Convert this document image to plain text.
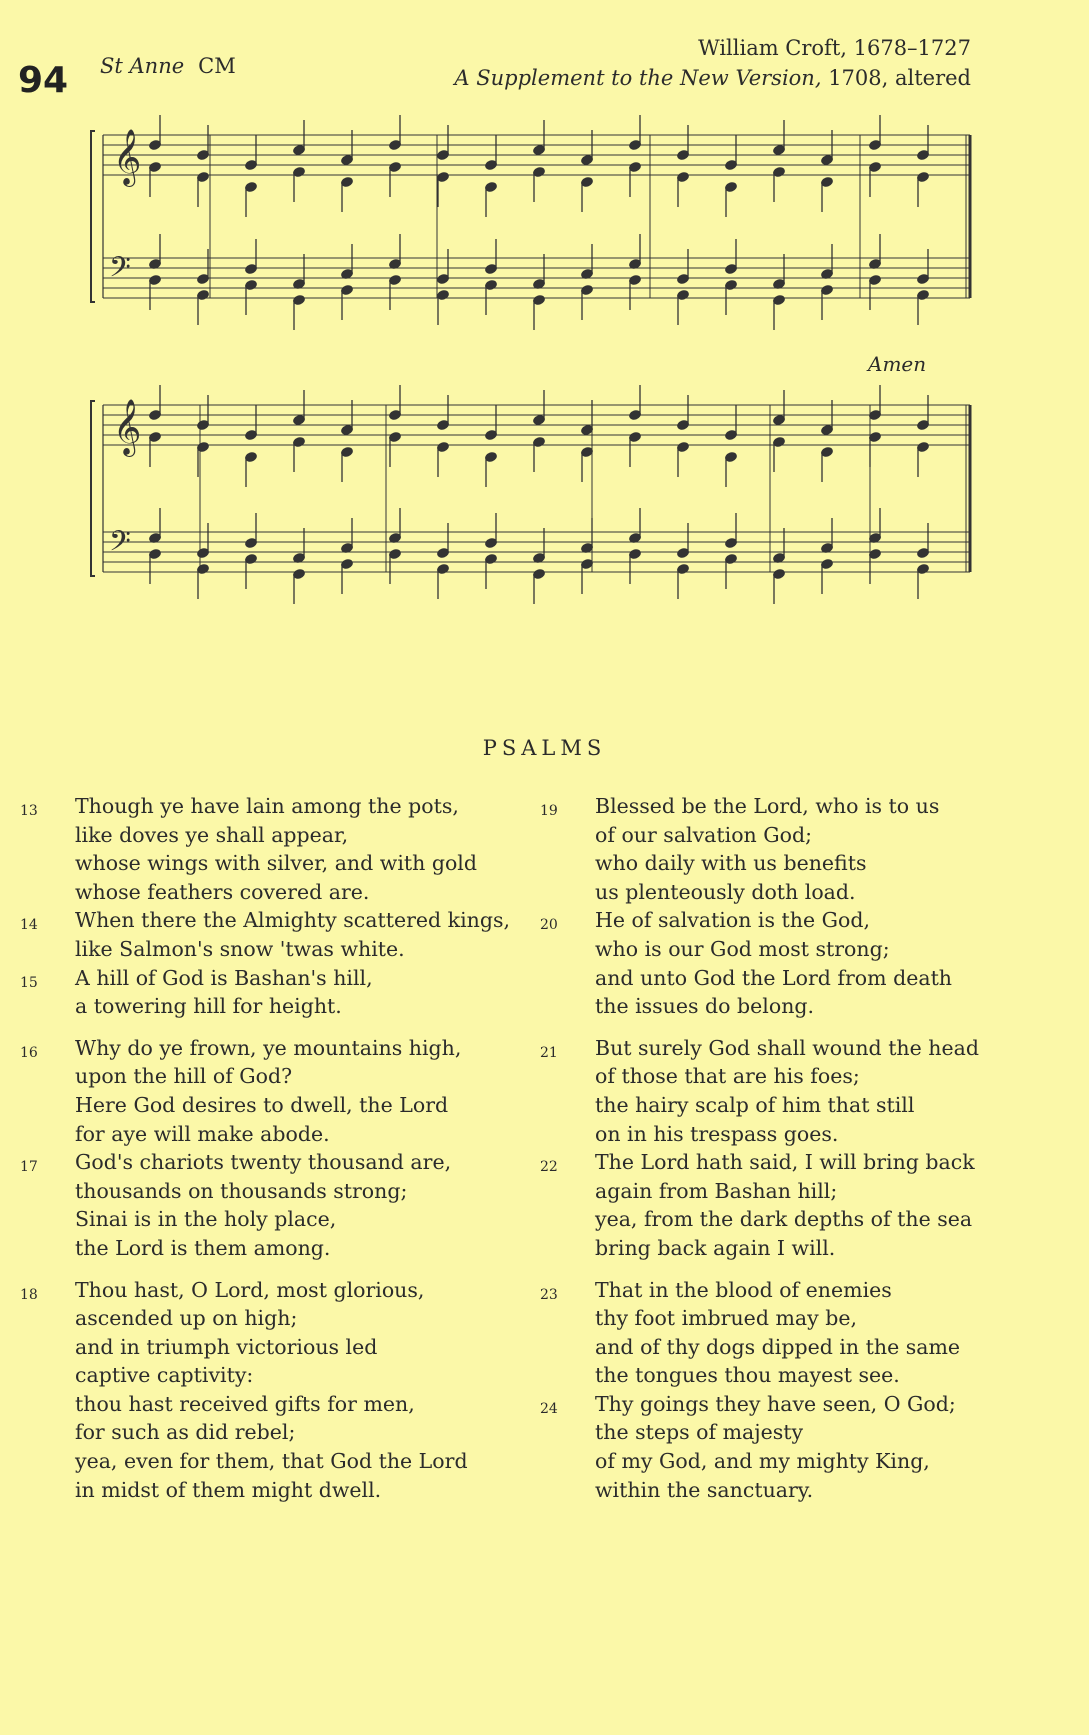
94 St Anne CM
William Croft, 1678–1727
A Supplement to the New Version, 1708, altered
Amen
𝄞
𝄢
𝄞
𝄢
PSALMS
13	Though ye have lain among the pots,
like doves ye shall appear,
whose wings with silver, and with gold
whose feathers covered are.
14	When there the Almighty scattered kings,
like Salmon's snow 'twas white.
15	A hill of God is Bashan's hill,
a towering hill for height.
16	Why do ye frown, ye mountains high,
upon the hill of God?
Here God desires to dwell, the Lord
for aye will make abode.
17	God's chariots twenty thousand are,
thousands on thousands strong;
Sinai is in the holy place,
the Lord is them among.
18	Thou hast, O Lord, most glorious,
ascended up on high;
and in triumph victorious led
captive captivity:
thou hast received gifts for men,
for such as did rebel;
yea, even for them, that God the Lord
in midst of them might dwell.
19	Blessed be the Lord, who is to us
of our salvation God;
who daily with us benefits
us plenteously doth load.
20	He of salvation is the God,
who is our God most strong;
and unto God the Lord from death
the issues do belong.
21	But surely God shall wound the head
of those that are his foes;
the hairy scalp of him that still
on in his trespass goes.
22	The Lord hath said, I will bring back
again from Bashan hill;
yea, from the dark depths of the sea
bring back again I will.
23	That in the blood of enemies
thy foot imbrued may be,
and of thy dogs dipped in the same
the tongues thou mayest see.
24	Thy goings they have seen, O God;
the steps of majesty
of my God, and my mighty King,
within the sanctuary.
